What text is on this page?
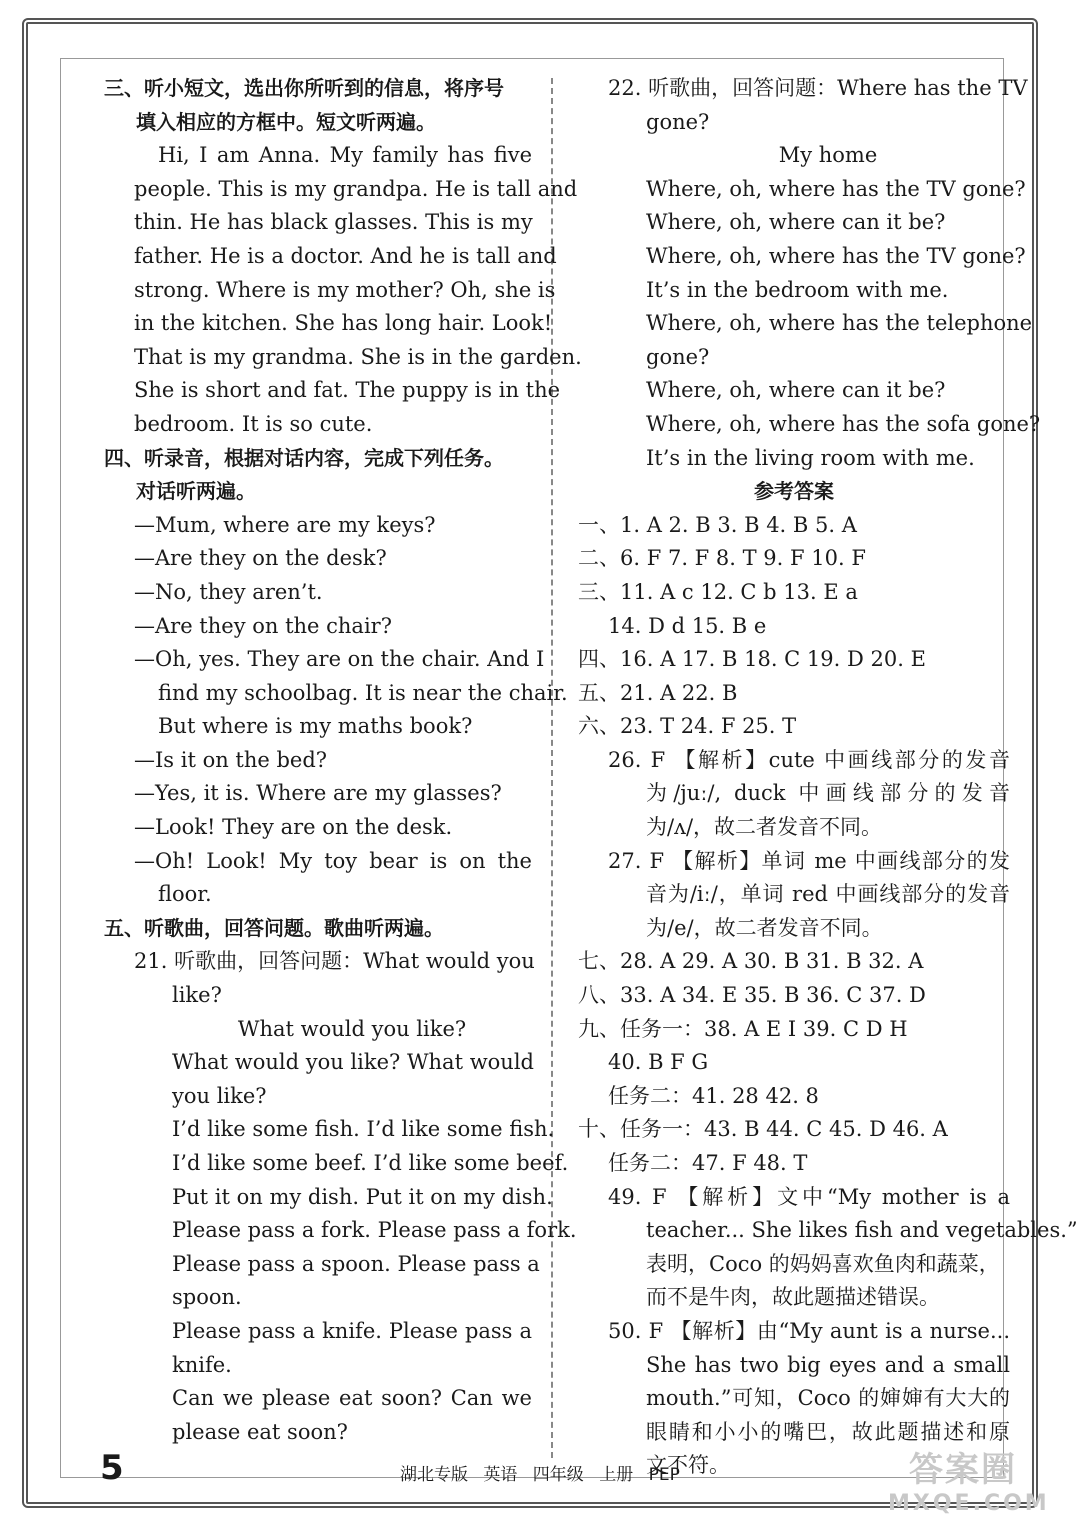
三、听小短文，选出你所听到的信息，将序号
填入相应的方框中。短文听两遍。
Hi, I am Anna. My family has five
people. This is my grandpa. He is tall and
thin. He has black glasses. This is my
father. He is a doctor. And he is tall and
strong. Where is my mother? Oh, she is
in the kitchen. She has long hair. Look!
That is my grandma. She is in the garden.
She is short and fat. The puppy is in the
bedroom. It is so cute.
四、听录音，根据对话内容，完成下列任务。
对话听两遍。
—Mum, where are my keys?
—Are they on the desk?
—No, they aren’t.
—Are they on the chair?
—Oh, yes. They are on the chair. And I
find my schoolbag. It is near the chair.
But where is my maths book?
—Is it on the bed?
—Yes, it is. Where are my glasses?
—Look! They are on the desk.
—Oh! Look! My toy bear is on the
floor.
五、听歌曲，回答问题。歌曲听两遍。
21. 听歌曲，回答问题：What would you
like?
What would you like?
What would you like? What would
you like?
I’d like some fish. I’d like some fish.
I’d like some beef. I’d like some beef.
Put it on my dish. Put it on my dish.
Please pass a fork. Please pass a fork.
Please pass a spoon. Please pass a
spoon.
Please pass a knife. Please pass a
knife.
Can we please eat soon? Can we
please eat soon?
22. 听歌曲，回答问题：Where has the TV
gone?
My home
Where, oh, where has the TV gone?
Where, oh, where can it be?
Where, oh, where has the TV gone?
It’s in the bedroom with me.
Where, oh, where has the telephone
gone?
Where, oh, where can it be?
Where, oh, where has the sofa gone?
It’s in the living room with me.
参考答案
一、1. A 2. B 3. B 4. B 5. A
二、6. F 7. F 8. T 9. F 10. F
三、11. A c 12. C b 13. E a
14. D d 15. B e
四、16. A 17. B 18. C 19. D 20. E
五、21. A 22. B
六、23. T 24. F 25. T
26. F 【解析】cute 中画线部分的发音
为/juː/, duck 中画线部分的发音
为/ʌ/，故二者发音不同。
27. F 【解析】单词 me 中画线部分的发
音为/iː/，单词 red 中画线部分的发音
为/e/，故二者发音不同。
七、28. A 29. A 30. B 31. B 32. A
八、33. A 34. E 35. B 36. C 37. D
九、任务一：38. A E I 39. C D H
40. B F G
任务二：41. 28 42. 8
十、任务一：43. B 44. C 45. D 46. A
任务二：47. F 48. T
49. F 【解析】文中“My mother is a
teacher... She likes fish and vegetables.”
表明，Coco 的妈妈喜欢鱼肉和蔬菜，
而不是牛肉，故此题描述错误。
50. F 【解析】由“My aunt is a nurse...
She has two big eyes and a small
mouth.”可知，Coco 的婶婶有大大的
眼睛和小小的嘴巴，故此题描述和原
文不符。
5	湖北专版 英语 四年级 上册 PEP	答案圈
MXQE.COM
